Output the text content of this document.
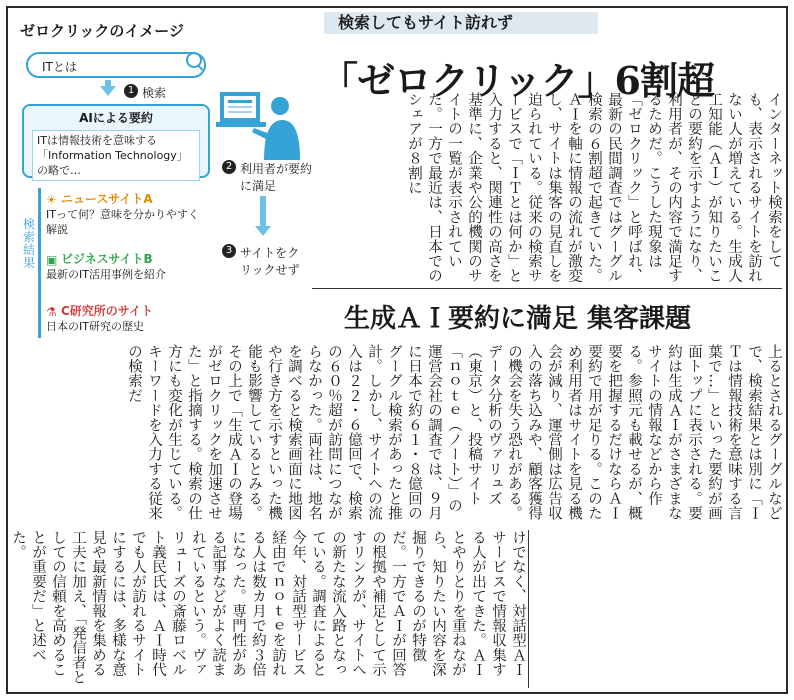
ゼロクリックのイメージ
ITとは
1 検索
AIによる要約
ITは情報技術を意味する「Information Technology」の略で…	2 利用者が要約に満足
3 サイトをクリックせず
検索結果
☀ ニュースサイトA
ITって何？意味を分かりやすく解説
▣ ビジネスサイトB
最新のIT活用事例を紹介
⚗ C研究所のサイト
日本のIT研究の歴史
検索してもサイト訪れず
「ゼロクリック」6割超
生成ＡＩ要約に満足 集客課題
インターネット検索をしても、表示されるサイトを訪れない人が増えている。生成人工知能（ＡＩ）が知りたいことの要約を示すようになり、利用者が、その内容で満足するためだ。こうした現象は「ゼロクリック」と呼ばれ、最新の民間調査ではグーグル検索の６割超で起きていた。ＡＩを軸に情報の流れが激変し、サイトは集客の見直しを迫られている。従来の検索サービスで「ＩＴとは何か」と入力すると、関連性の高さを基準に、企業や公的機関のサイトの一覧が表示されていた。一方で最近は、日本でのシェアが８割に
上るとされるグーグルなどで、検索結果とは別に「ＩＴは情報技術を意味する言葉で…」といった要約が画面トップに表示される。要約は生成ＡＩがさまざまなサイトの情報などから作る。参照元も載せるが、概要を把握するだけならＡＩ要約で用が足りる。このため利用者はサイトを見る機会が減り、運営側は広告収入の落ち込みや、顧客獲得の機会を失う恐れがある。データ分析のヴァリュズ（東京）と、投稿サイト「ｎｏｔｅ（ノート）」の運営会社の調査では、９月に日本で約６１・８億回のグーグル検索があったと推計。しかし、サイトへの流入は２２・６億回で、検索の６０％超が訪問につながらなかった。両社は、地名を調べると検索画面に地図や行き方を示すといった機能も影響しているとみる。その上で「生成ＡＩの登場がゼロクリックを加速させた」と指摘する。検索の仕方にも変化が生じている。キーワードを入力する従来の検索だ
けでなく、対話型ＡＩサービスで情報収集する人が出てきた。ＡＩとやりとりを重ねながら、知りたい内容を深掘りできるのが特徴だ。一方でＡＩが回答の根拠や補足として示すリンクが、サイトへの新たな流入路となっている。調査によると今年、対話型サービス経由でｎｏｔｅを訪れる人は数カ月で約３倍になった。専門性がある記事などがよく読まれているという。ヴァリューズの斎藤ロベルト義民氏は、ＡＩ時代でも人が訪れるサイトにするには、多様な意見や最新情報を集める工夫に加え、「発信者としての信頼を高めることが重要だ」と述べた。
